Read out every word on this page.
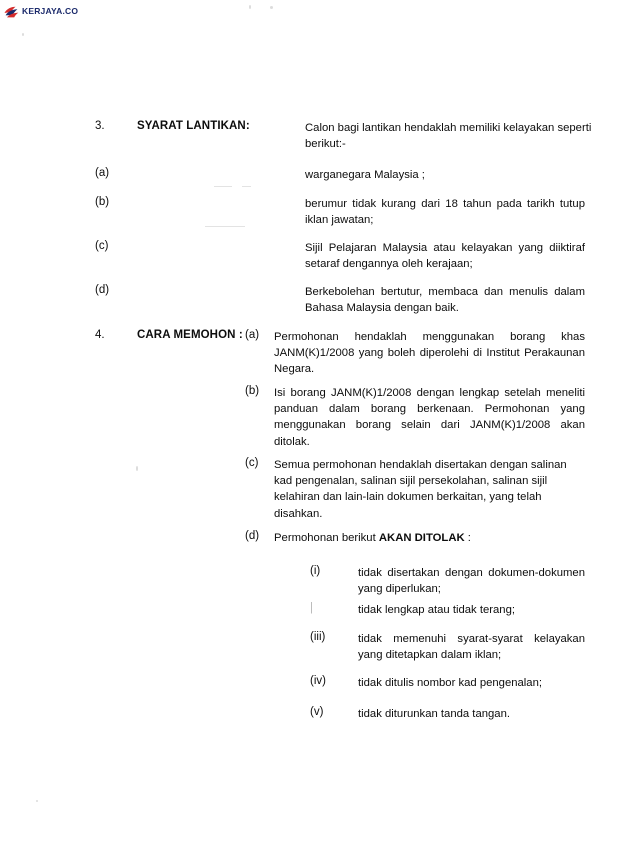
KERJAYA.CO
3.	SYARAT LANTIKAN:	Calon bagi lantikan hendaklah memiliki kelayakan seperti berikut:-
(a)	warganegara Malaysia ;
(b)	berumur tidak kurang dari 18 tahun pada tarikh tutup iklan jawatan;
(c)	Sijil Pelajaran Malaysia atau kelayakan yang diiktiraf setaraf dengannya oleh kerajaan;
(d)	Berkebolehan bertutur, membaca dan menulis dalam Bahasa Malaysia dengan baik.
4.	CARA MEMOHON : (a)	Permohonan hendaklah menggunakan borang khas JANM(K)1/2008 yang boleh diperolehi di Institut Perakaunan Negara.
(b)	Isi borang JANM(K)1/2008 dengan lengkap setelah meneliti panduan dalam borang berkenaan. Permohonan yang menggunakan borang selain dari JANM(K)1/2008 akan ditolak.
(c)	Semua permohonan hendaklah disertakan dengan salinan kad pengenalan, salinan sijil persekolahan, salinan sijil kelahiran dan lain-lain dokumen berkaitan, yang telah disahkan.
(d)	Permohonan berikut AKAN DITOLAK :
(i)	tidak disertakan dengan dokumen-dokumen yang diperlukan;
|	tidak lengkap atau tidak terang;
(iii)	tidak memenuhi syarat-syarat kelayakan yang ditetapkan dalam iklan;
(iv)	tidak ditulis nombor kad pengenalan;
(v)	tidak diturunkan tanda tangan.
